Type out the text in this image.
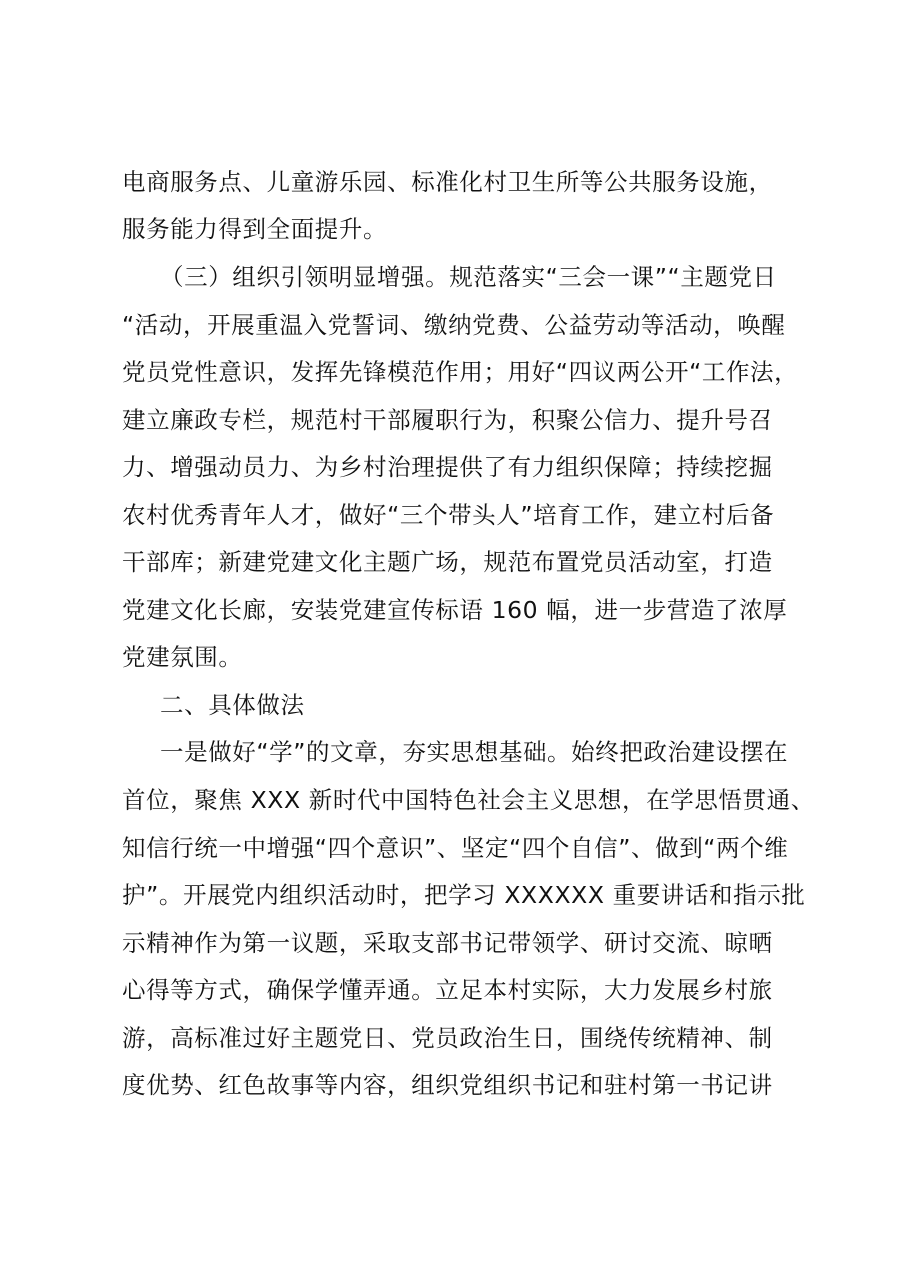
电商服务点、儿童游乐园、标准化村卫生所等公共服务设施，
服务能力得到全面提升。
（三）组织引领明显增强。规范落实“三会一课”“主题党日
“活动，开展重温入党誓词、缴纳党费、公益劳动等活动，唤醒
党员党性意识，发挥先锋模范作用；用好“四议两公开“工作法，
建立廉政专栏，规范村干部履职行为，积聚公信力、提升号召
力、增强动员力、为乡村治理提供了有力组织保障；持续挖掘
农村优秀青年人才，做好“三个带头人”培育工作，建立村后备
干部库；新建党建文化主题广场，规范布置党员活动室，打造
党建文化长廊，安装党建宣传标语 160 幅，进一步营造了浓厚
党建氛围。
二、具体做法
一是做好“学”的文章，夯实思想基础。始终把政治建设摆在
首位，聚焦 XXX 新时代中国特色社会主义思想，在学思悟贯通、
知信行统一中增强“四个意识”、坚定“四个自信”、做到“两个维
护”。开展党内组织活动时，把学习 XXXXXX 重要讲话和指示批
示精神作为第一议题，采取支部书记带领学、研讨交流、晾晒
心得等方式，确保学懂弄通。立足本村实际，大力发展乡村旅
游，高标准过好主题党日、党员政治生日，围绕传统精神、制
度优势、红色故事等内容，组织党组织书记和驻村第一书记讲
